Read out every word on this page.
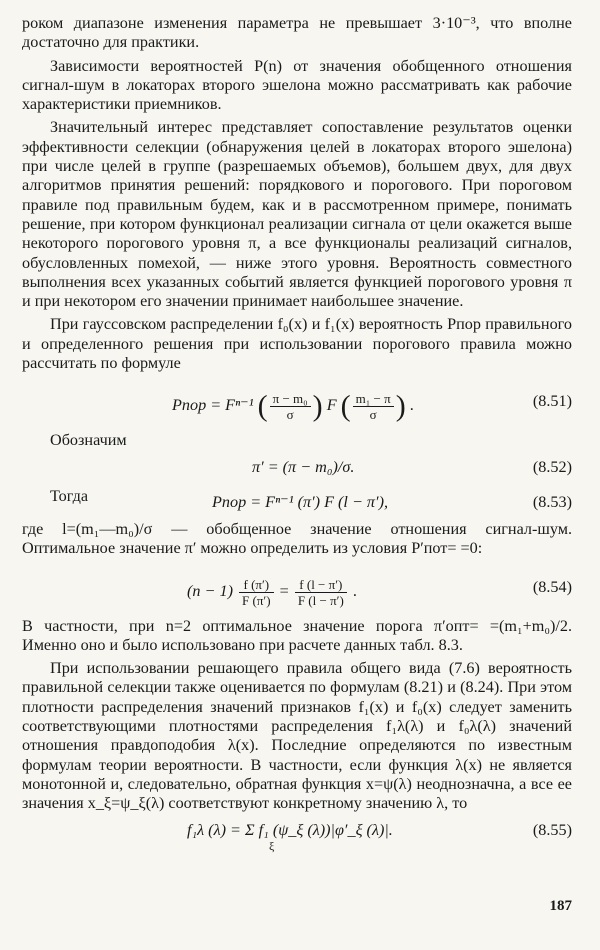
роком диапазоне изменения параметра не превышает 3·10⁻³, что вполне достаточно для практики.

Зависимости вероятностей P(n) от значения обобщенного отношения сигнал-шум в локаторах второго эшелона можно рассматривать как рабочие характеристики приемников.

Значительный интерес представляет сопоставление результатов оценки эффективности селекции (обнаружения целей в локаторах второго эшелона) при числе целей в группе (разрешаемых объемов), большем двух, для двух алгоритмов принятия решений: порядкового и порогового. При пороговом правиле под правильным будем, как и в рассмотренном примере, понимать решение, при котором функционал реализации сигнала от цели окажется выше некоторого порогового уровня π, а все функционалы реализаций сигналов, обусловленных помехой, — ниже этого уровня. Вероятность совместного выполнения всех указанных событий является функцией порогового уровня π и при некотором его значении принимает наибольшее значение.

При гауссовском распределении f₀(x) и f₁(x) вероятность Pпор правильного и определенного решения при использовании порогового правила можно рассчитать по формуле

Pпор = Fⁿ⁻¹ ( $\frac{\text{π − m₀}}{\sigma}$ ) F ( $\frac{\text{m₁ − π}}{\sigma}$ ) .	(8.51)

Обозначим

π′ = (π − m₀)/σ.	(8.52)

Тогда	Pпор = Fⁿ⁻¹ (π′) F (l − π′),	(8.53)

где l=(m₁—m₀)/σ — обобщенное значение отношения сигнал-шум. Оптимальное значение π′ можно определить из условия P′пот= =0:

$(n - 1) \frac{f (\pi')}{F (\pi')} = \frac{f (l - \pi')}{F (l - \pi')}$ .	(8.54)

В частности, при n=2 оптимальное значение порога π′опт= =(m₁+m₀)/2. Именно оно и было использовано при расчете данных табл. 8.3.

При использовании решающего правила общего вида (7.6) вероятность правильной селекции также оценивается по формулам (8.21) и (8.24). При этом плотности распределения значений признаков f₁(x) и f₀(x) следует заменить соответствующими плотностями распределения f₁λ(λ) и f₀λ(λ) значений отношения правдоподобия λ(x). Последние определяются по известным формулам теории вероятности. В частности, если функция λ(x) не является монотонной и, следовательно, обратная функция x=ψ(λ) неоднозначна, а все ее значения x_ξ=ψ_ξ(λ) соответствуют конкретному значению λ, то

f₁λ (λ) = Σ f₁ (ψ_ξ (λ))|φ′_ξ (λ)|.
ξ
(8.55)
187
